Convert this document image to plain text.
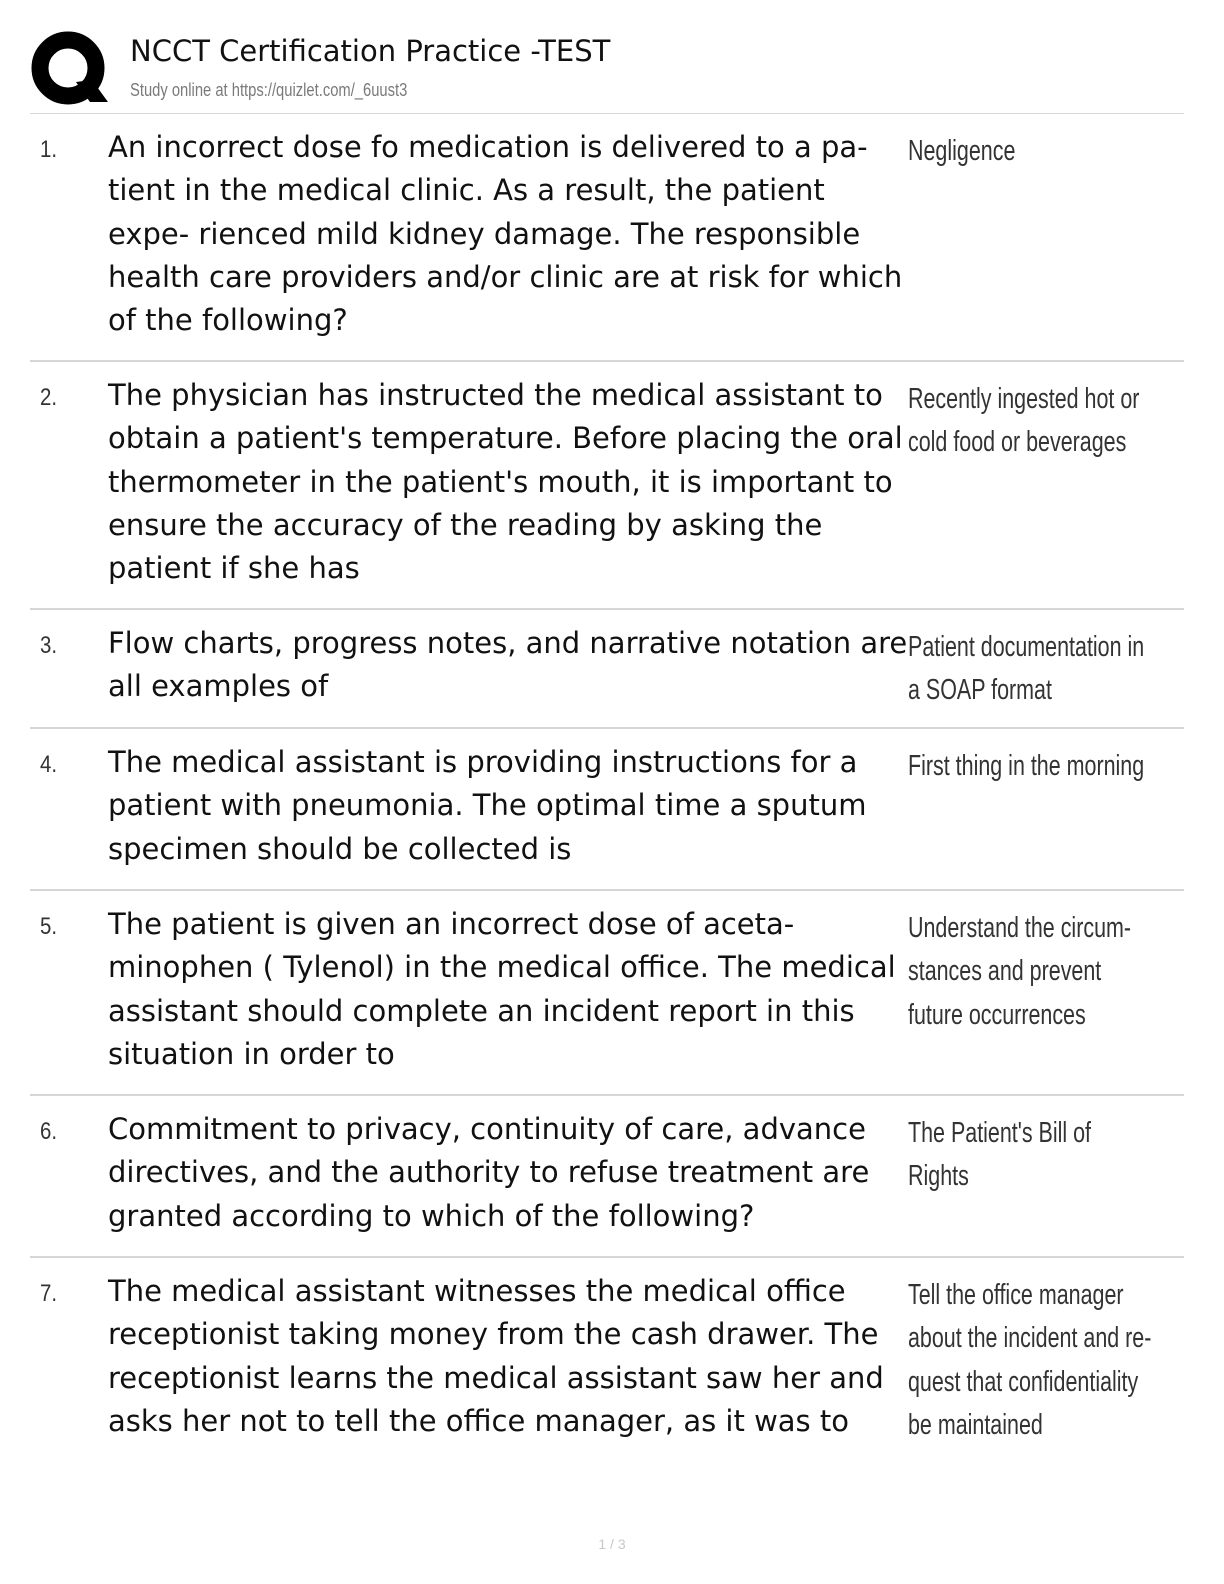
NCCT Certification Practice -TEST
Study online at https://quizlet.com/_6uust3
1. An incorrect dose fo medication is delivered to a pa- tient in the medical clinic. As a result, the patient expe- rienced mild kidney damage. The responsible health care providers and/or clinic are at risk for which of the following?
Negligence
2. The physician has instructed the medical assistant to obtain a patient's temperature. Before placing the oral thermometer in the patient's mouth, it is important to ensure the accuracy of the reading by asking the patient if she has
Recently ingested hot or cold food or beverages
3. Flow charts, progress notes, and narrative notation are all examples of
Patient documentation in a SOAP format
4. The medical assistant is providing instructions for a patient with pneumonia. The optimal time a sputum specimen should be collected is
First thing in the morning
5. The patient is given an incorrect dose of aceta- minophen ( Tylenol) in the medical office. The medical assistant should complete an incident report in this situation in order to
Understand the circum- stances and prevent future occurrences
6. Commitment to privacy, continuity of care, advance directives, and the authority to refuse treatment are granted according to which of the following?
The Patient's Bill of Rights
7. The medical assistant witnesses the medical office receptionist taking money from the cash drawer. The receptionist learns the medical assistant saw her and asks her not to tell the office manager, as it was to
Tell the office manager about the incident and re- quest that confidentiality be maintained
1 / 3
